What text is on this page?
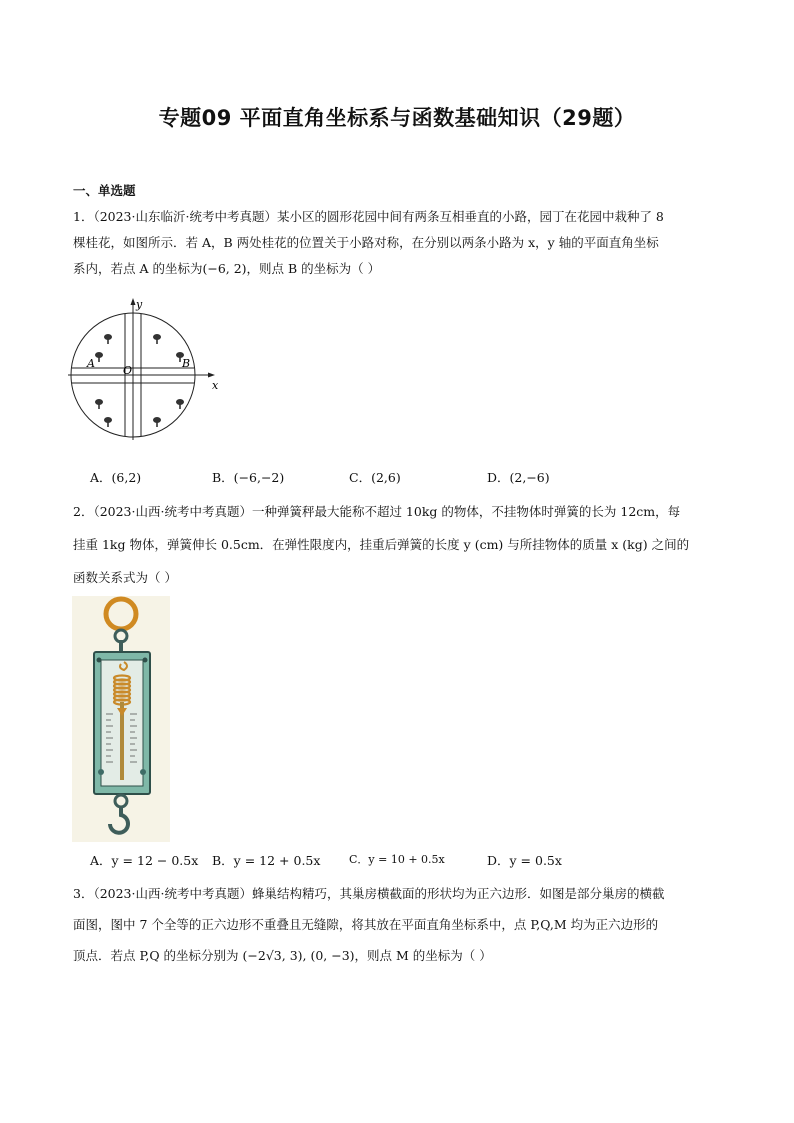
专题09 平面直角坐标系与函数基础知识（29题）
一、单选题
1．（2023·山东临沂·统考中考真题）某小区的圆形花园中间有两条互相垂直的小路，园丁在花园中栽种了 8
棵桂花，如图所示．若 A，B 两处桂花的位置关于小路对称，在分别以两条小路为 x，y 轴的平面直角坐标
系内，若点 A 的坐标为(−6, 2)，则点 B 的坐标为（ ）
y
x
O
A	B
A．(6,2)	B．(−6,−2)	C．(2,6)	D．(2,−6)
2．（2023·山西·统考中考真题）一种弹簧秤最大能称不超过 10kg 的物体，不挂物体时弹簧的长为 12cm，每
挂重 1kg 物体，弹簧伸长 0.5cm．在弹性限度内，挂重后弹簧的长度 y (cm) 与所挂物体的质量 x (kg) 之间的
函数关系式为（ ）
A．y = 12 − 0.5x B．y = 12 + 0.5x	C．y = 10 + 0.5x	D．y = 0.5x
3．（2023·山西·统考中考真题）蜂巢结构精巧，其巢房横截面的形状均为正六边形．如图是部分巢房的横截
面图，图中 7 个全等的正六边形不重叠且无缝隙，将其放在平面直角坐标系中，点 P,Q,M 均为正六边形的
顶点．若点 P,Q 的坐标分别为 (−2√3, 3), (0, −3)，则点 M 的坐标为（ ）
